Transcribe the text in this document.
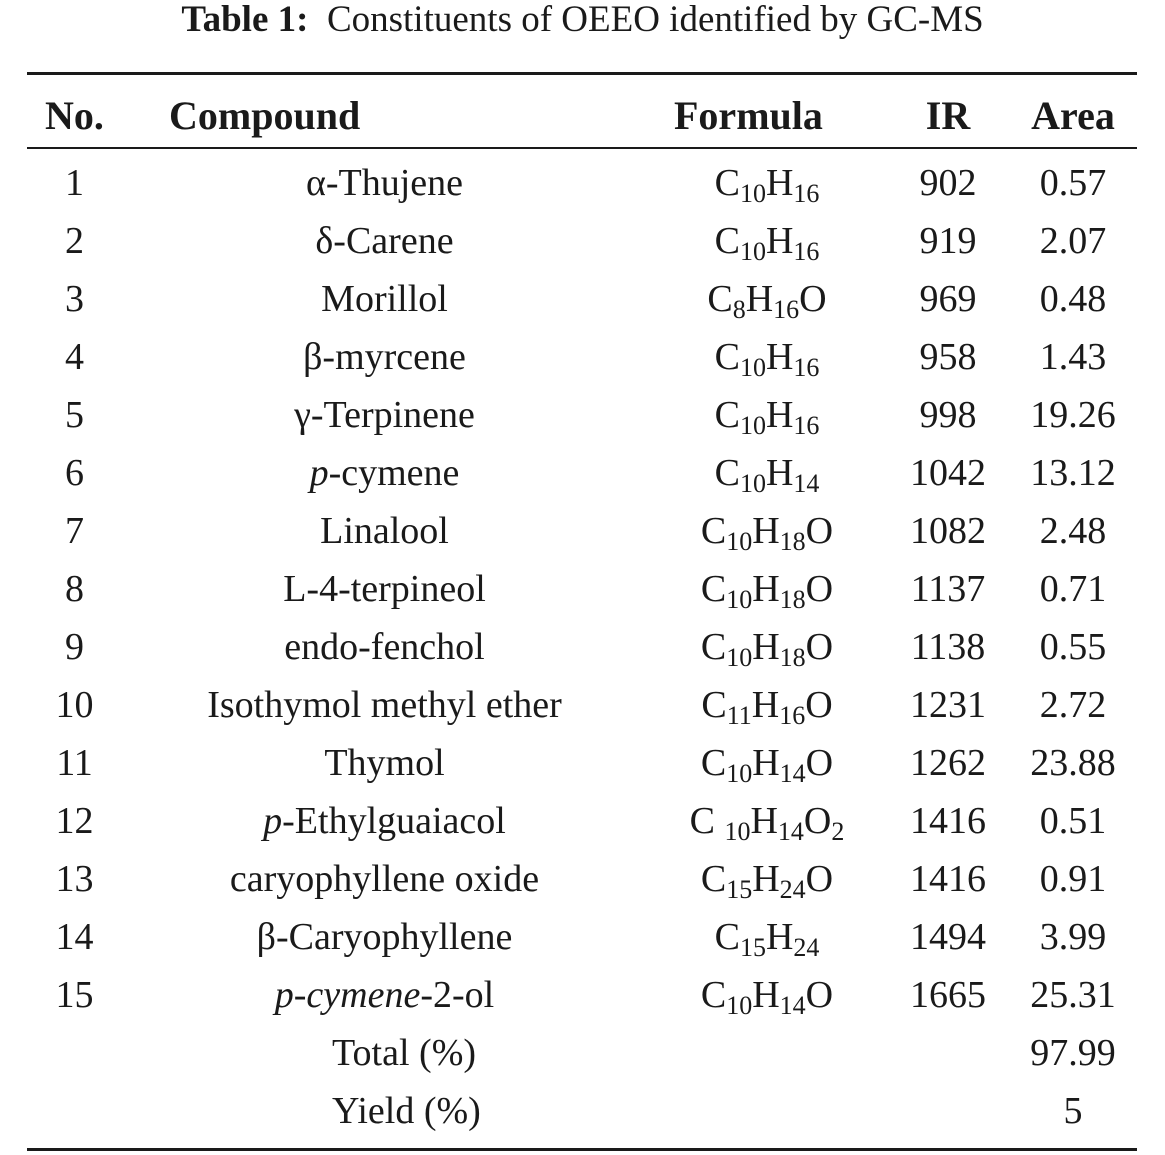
Table 1: Constituents of OEEO identified by GC-MS
No.	Compound	Formula	IR	Area

1	α-Thujene	$C_{10}H_{16}$	902	0.57
2	δ-Carene	$C_{10}H_{16}$	919	2.07
3	Morillol	$C_8H_{16}O$	969	0.48
4	β-myrcene	$C_{10}H_{16}$	958	1.43
5	γ-Terpinene	$C_{10}H_{16}$	998	19.26
6	p-cymene	$C_{10}H_{14}$	1042	13.12
7	Linalool	$C_{10}H_{18}O$	1082	2.48
8	L-4-terpineol	$C_{10}H_{18}O$	1137	0.71
9	endo-fenchol	$C_{10}H_{18}O$	1138	0.55
10	Isothymol methyl ether	$C_{11}H_{16}O$	1231	2.72
11	Thymol	$C_{10}H_{14}O$	1262	23.88
12	p-Ethylguaiacol	C $_{10}H_{14}O_2$	1416	0.51
13	caryophyllene oxide	$C_{15}H_{24}O$	1416	0.91
14	β-Caryophyllene	$C_{15}H_{24}$	1494	3.99
15	p-cymene-2-ol	$C_{10}H_{14}O$	1665	25.31
	Total (%)			97.99
	Yield (%)			5
